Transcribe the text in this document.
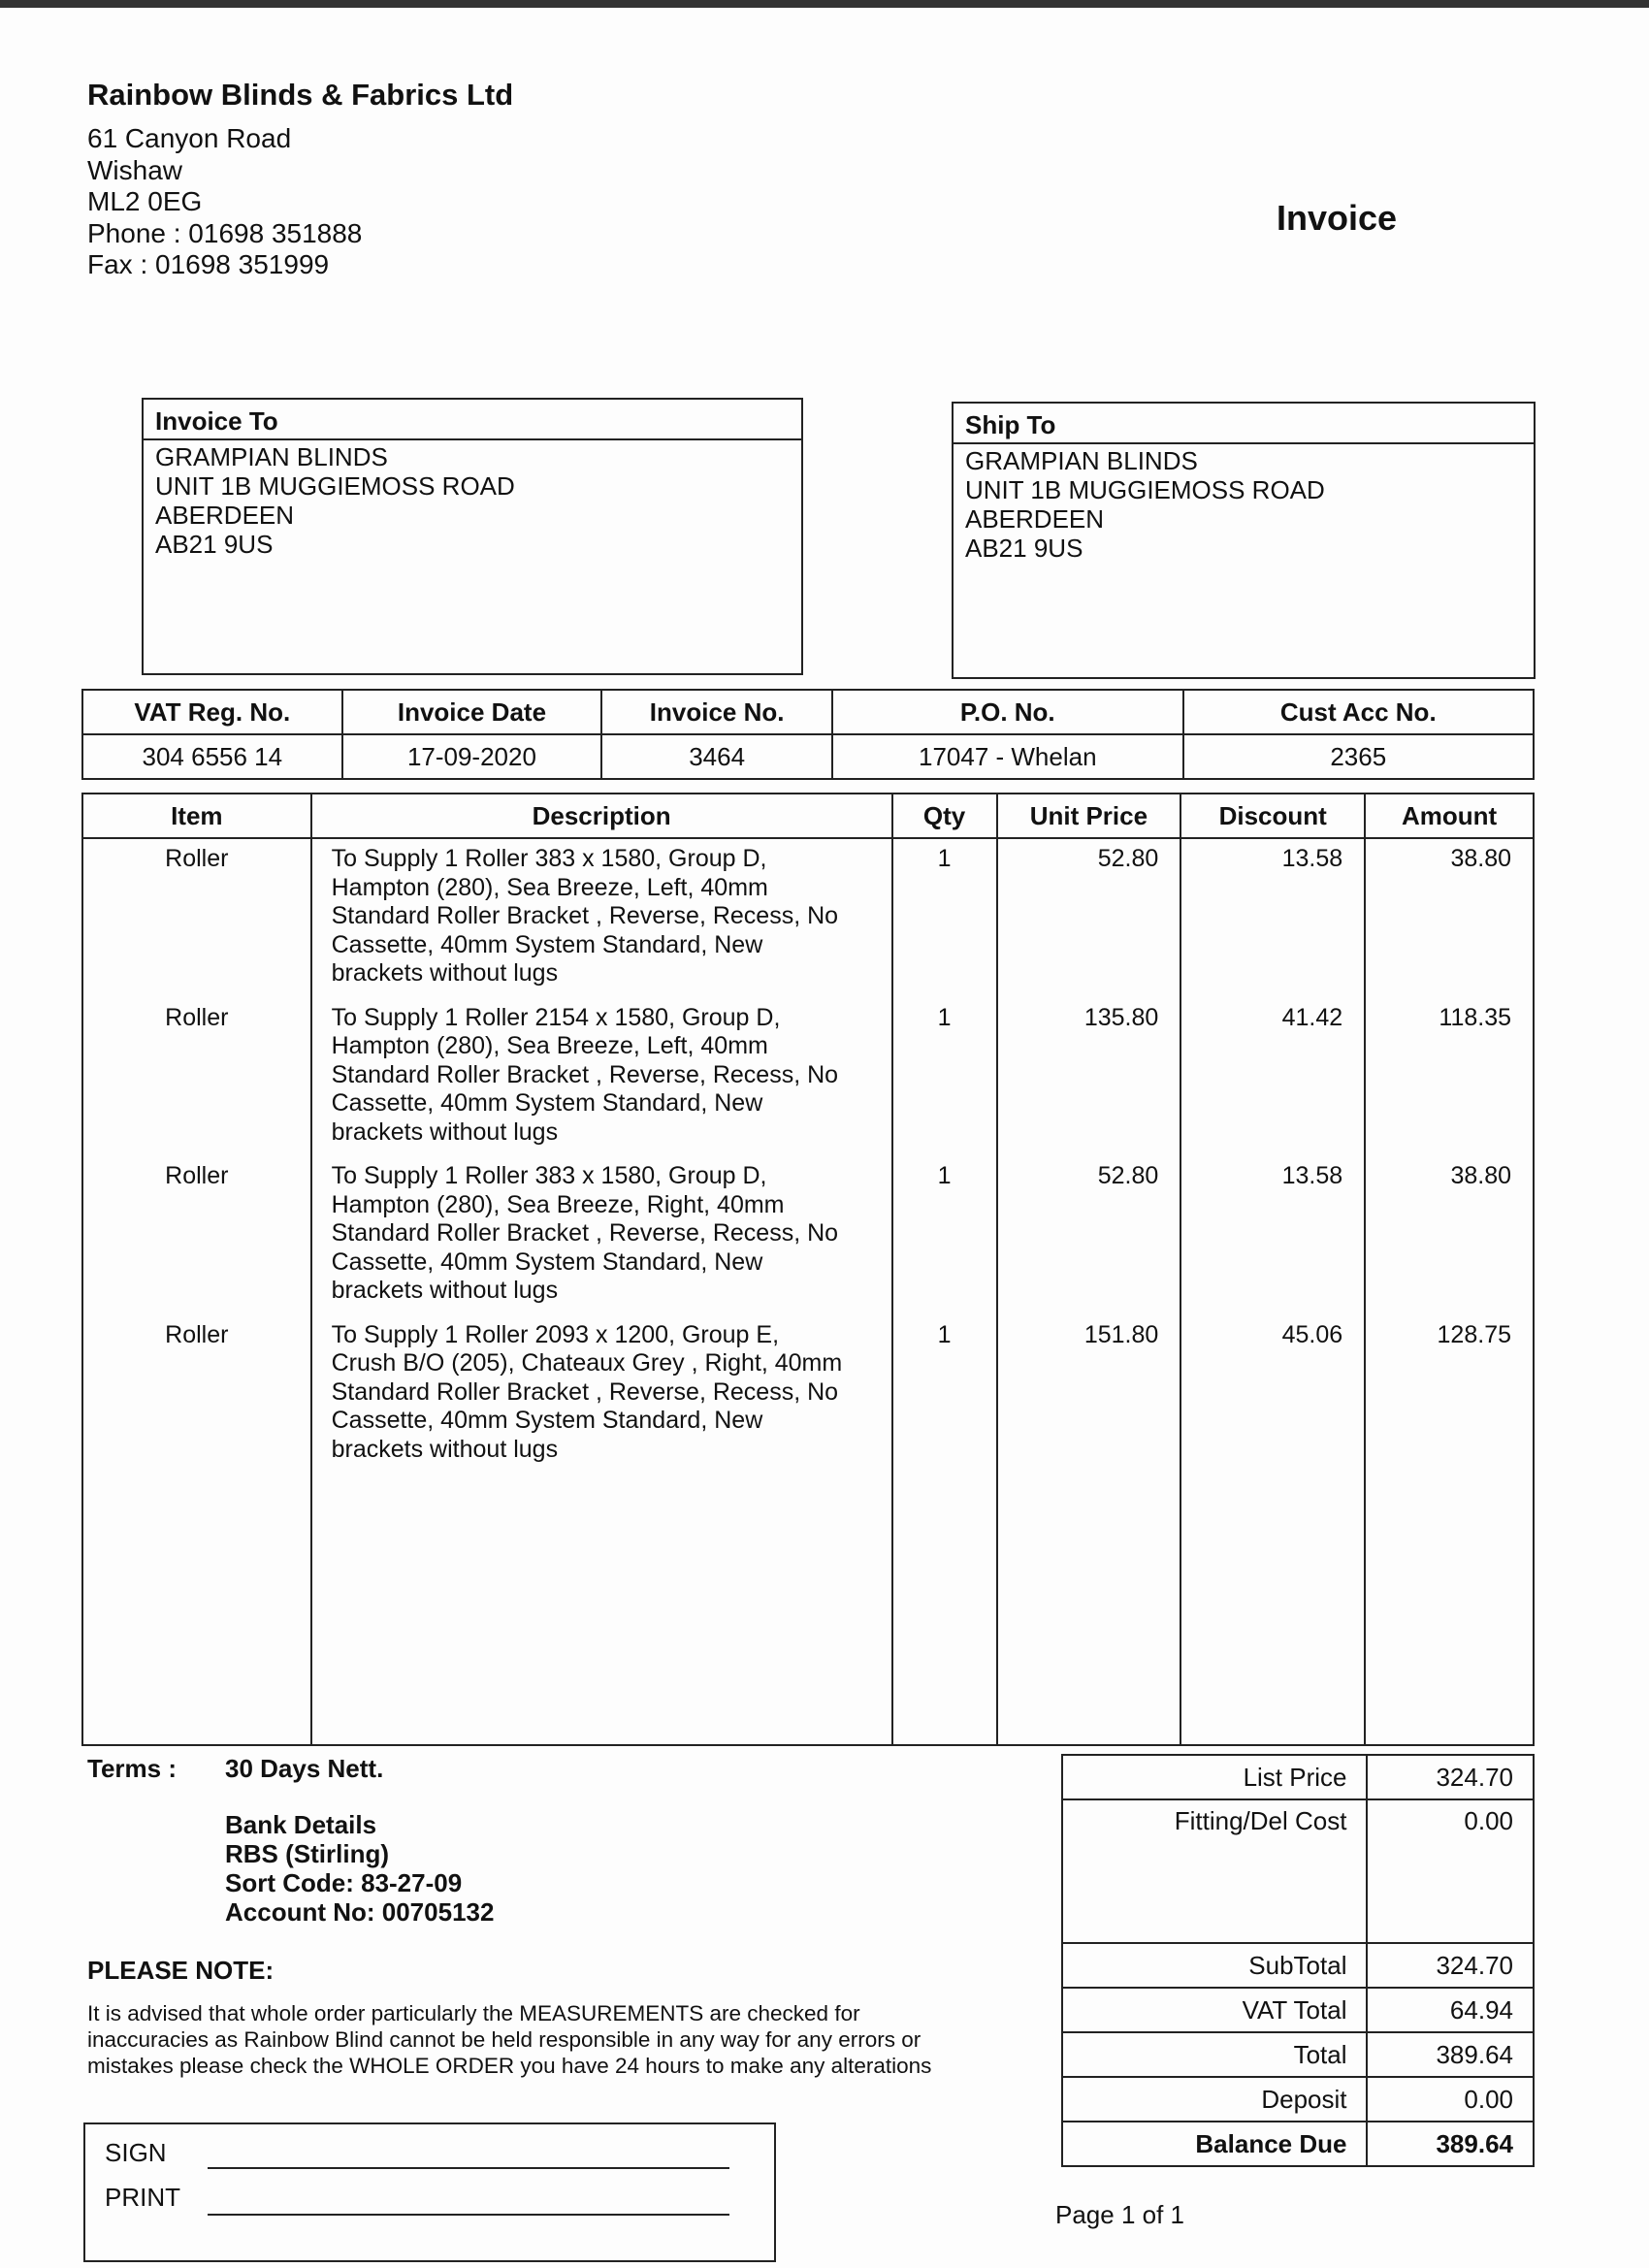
Rainbow Blinds & Fabrics Ltd
61 Canyon Road
Wishaw
ML2 0EG
Phone : 01698 351888
Fax : 01698 351999
Invoice
Invoice To
GRAMPIAN BLINDS
UNIT 1B MUGGIEMOSS ROAD
ABERDEEN
AB21 9US
Ship To
GRAMPIAN BLINDS
UNIT 1B MUGGIEMOSS ROAD
ABERDEEN
AB21 9US
VAT Reg. No.	Invoice Date	Invoice No.	P.O. No.	Cust Acc No.
304 6556 14	17-09-2020	3464	17047 - Whelan	2365
Item	Description	Qty	Unit Price	Discount	Amount
Roller	To Supply 1 Roller 383 x 1580, Group D,
Hampton (280), Sea Breeze, Left, 40mm
Standard Roller Bracket , Reverse, Recess, No
Cassette, 40mm System Standard, New
brackets without lugs	1	52.80	13.58	38.80
Roller	To Supply 1 Roller 2154 x 1580, Group D,
Hampton (280), Sea Breeze, Left, 40mm
Standard Roller Bracket , Reverse, Recess, No
Cassette, 40mm System Standard, New
brackets without lugs	1	135.80	41.42	118.35
Roller	To Supply 1 Roller 383 x 1580, Group D,
Hampton (280), Sea Breeze, Right, 40mm
Standard Roller Bracket , Reverse, Recess, No
Cassette, 40mm System Standard, New
brackets without lugs	1	52.80	13.58	38.80
Roller	To Supply 1 Roller 2093 x 1200, Group E,
Crush B/O (205), Chateaux Grey , Right, 40mm
Standard Roller Bracket , Reverse, Recess, No
Cassette, 40mm System Standard, New
brackets without lugs	1	151.80	45.06	128.75

Terms : 30 Days Nett.
Bank Details
RBS (Stirling)
Sort Code: 83-27-09
Account No: 00705132
PLEASE NOTE:
It is advised that whole order particularly the MEASUREMENTS are checked for
inaccuracies as Rainbow Blind cannot be held responsible in any way for any errors or
mistakes please check the WHOLE ORDER you have 24 hours to make any alterations
List Price	324.70
Fitting/Del Cost	0.00
SubTotal	324.70
VAT Total	64.94
Total	389.64
Deposit	0.00
Balance Due	389.64
SIGN
PRINT
Page 1 of 1
